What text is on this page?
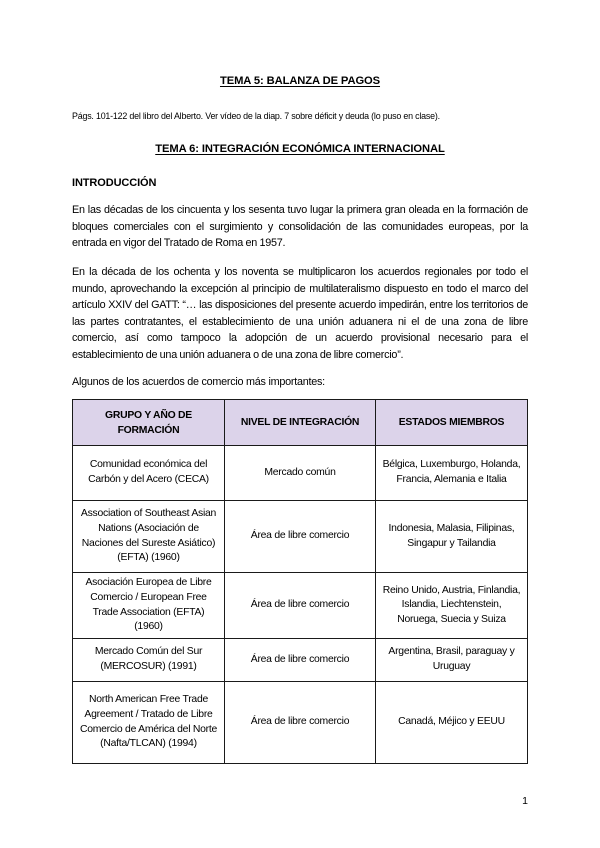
TEMA 5: BALANZA DE PAGOS
Págs. 101-122 del libro del Alberto. Ver vídeo de la diap. 7 sobre déficit y deuda (lo puso en clase).
TEMA 6: INTEGRACIÓN ECONÓMICA INTERNACIONAL
INTRODUCCIÓN
En las décadas de los cincuenta y los sesenta tuvo lugar la primera gran oleada en la formación de bloques comerciales con el surgimiento y consolidación de las comunidades europeas, por la entrada en vigor del Tratado de Roma en 1957.
En la década de los ochenta y los noventa se multiplicaron los acuerdos regionales por todo el mundo, aprovechando la excepción al principio de multilateralismo dispuesto en todo el marco del artículo XXIV del GATT: “… las disposiciones del presente acuerdo impedirán, entre los territorios de las partes contratantes, el establecimiento de una unión aduanera ni el de una zona de libre comercio, así como tampoco la adopción de un acuerdo provisional necesario para el establecimiento de una unión aduanera o de una zona de libre comercio”.
Algunos de los acuerdos de comercio más importantes:
GRUPO Y AÑO DE FORMACIÓN	NIVEL DE INTEGRACIÓN	ESTADOS MIEMBROS
Comunidad económica del Carbón y del Acero (CECA)	Mercado común	Bélgica, Luxemburgo, Holanda, Francia, Alemania e Italia
Association of Southeast Asian Nations (Asociación de Naciones del Sureste Asiático) (EFTA) (1960)	Área de libre comercio	Indonesia, Malasia, Filipinas, Singapur y Tailandia
Asociación Europea de Libre Comercio / European Free Trade Association (EFTA) (1960)	Área de libre comercio	Reino Unido, Austria, Finlandia, Islandia, Liechtenstein, Noruega, Suecia y Suiza
Mercado Común del Sur (MERCOSUR) (1991)	Área de libre comercio	Argentina, Brasil, paraguay y Uruguay
North American Free Trade Agreement / Tratado de Libre Comercio de América del Norte (Nafta/TLCAN) (1994)	Área de libre comercio	Canadá, Méjico y EEUU
1
